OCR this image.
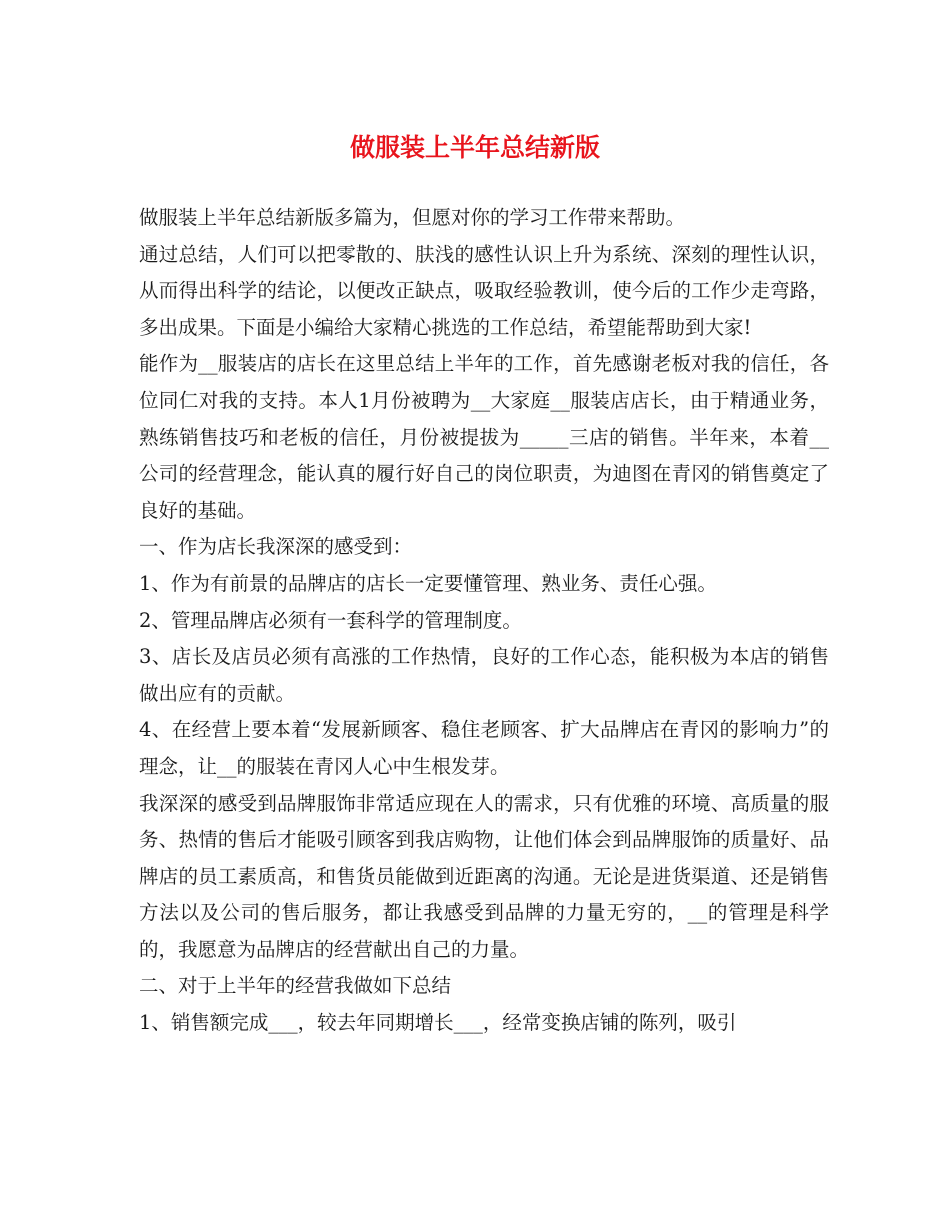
做服装上半年总结新版

做服装上半年总结新版多篇为，但愿对你的学习工作带来帮助。

通过总结，人们可以把零散的、肤浅的感性认识上升为系统、深刻的理性认识，从而得出科学的结论，以便改正缺点，吸取经验教训，使今后的工作少走弯路，多出成果。下面是小编给大家精心挑选的工作总结，希望能帮助到大家!

能作为__服装店的店长在这里总结上半年的工作，首先感谢老板对我的信任，各位同仁对我的支持。本人1月份被聘为__大家庭__服装店店长，由于精通业务，熟练销售技巧和老板的信任，月份被提拔为_____三店的销售。半年来，本着__公司的经营理念，能认真的履行好自己的岗位职责，为迪图在青冈的销售奠定了良好的基础。

一、作为店长我深深的感受到：

1、作为有前景的品牌店的店长一定要懂管理、熟业务、责任心强。

2、管理品牌店必须有一套科学的管理制度。

3、店长及店员必须有高涨的工作热情，良好的工作心态，能积极为本店的销售做出应有的贡献。

4、在经营上要本着“发展新顾客、稳住老顾客、扩大品牌店在青冈的影响力”的理念，让__的服装在青冈人心中生根发芽。

我深深的感受到品牌服饰非常适应现在人的需求，只有优雅的环境、高质量的服务、热情的售后才能吸引顾客到我店购物，让他们体会到品牌服饰的质量好、品牌店的员工素质高，和售货员能做到近距离的沟通。无论是进货渠道、还是销售方法以及公司的售后服务，都让我感受到品牌的力量无穷的，__的管理是科学的，我愿意为品牌店的经营献出自己的力量。

二、对于上半年的经营我做如下总结

1、销售额完成___，较去年同期增长___，经常变换店铺的陈列，吸引
